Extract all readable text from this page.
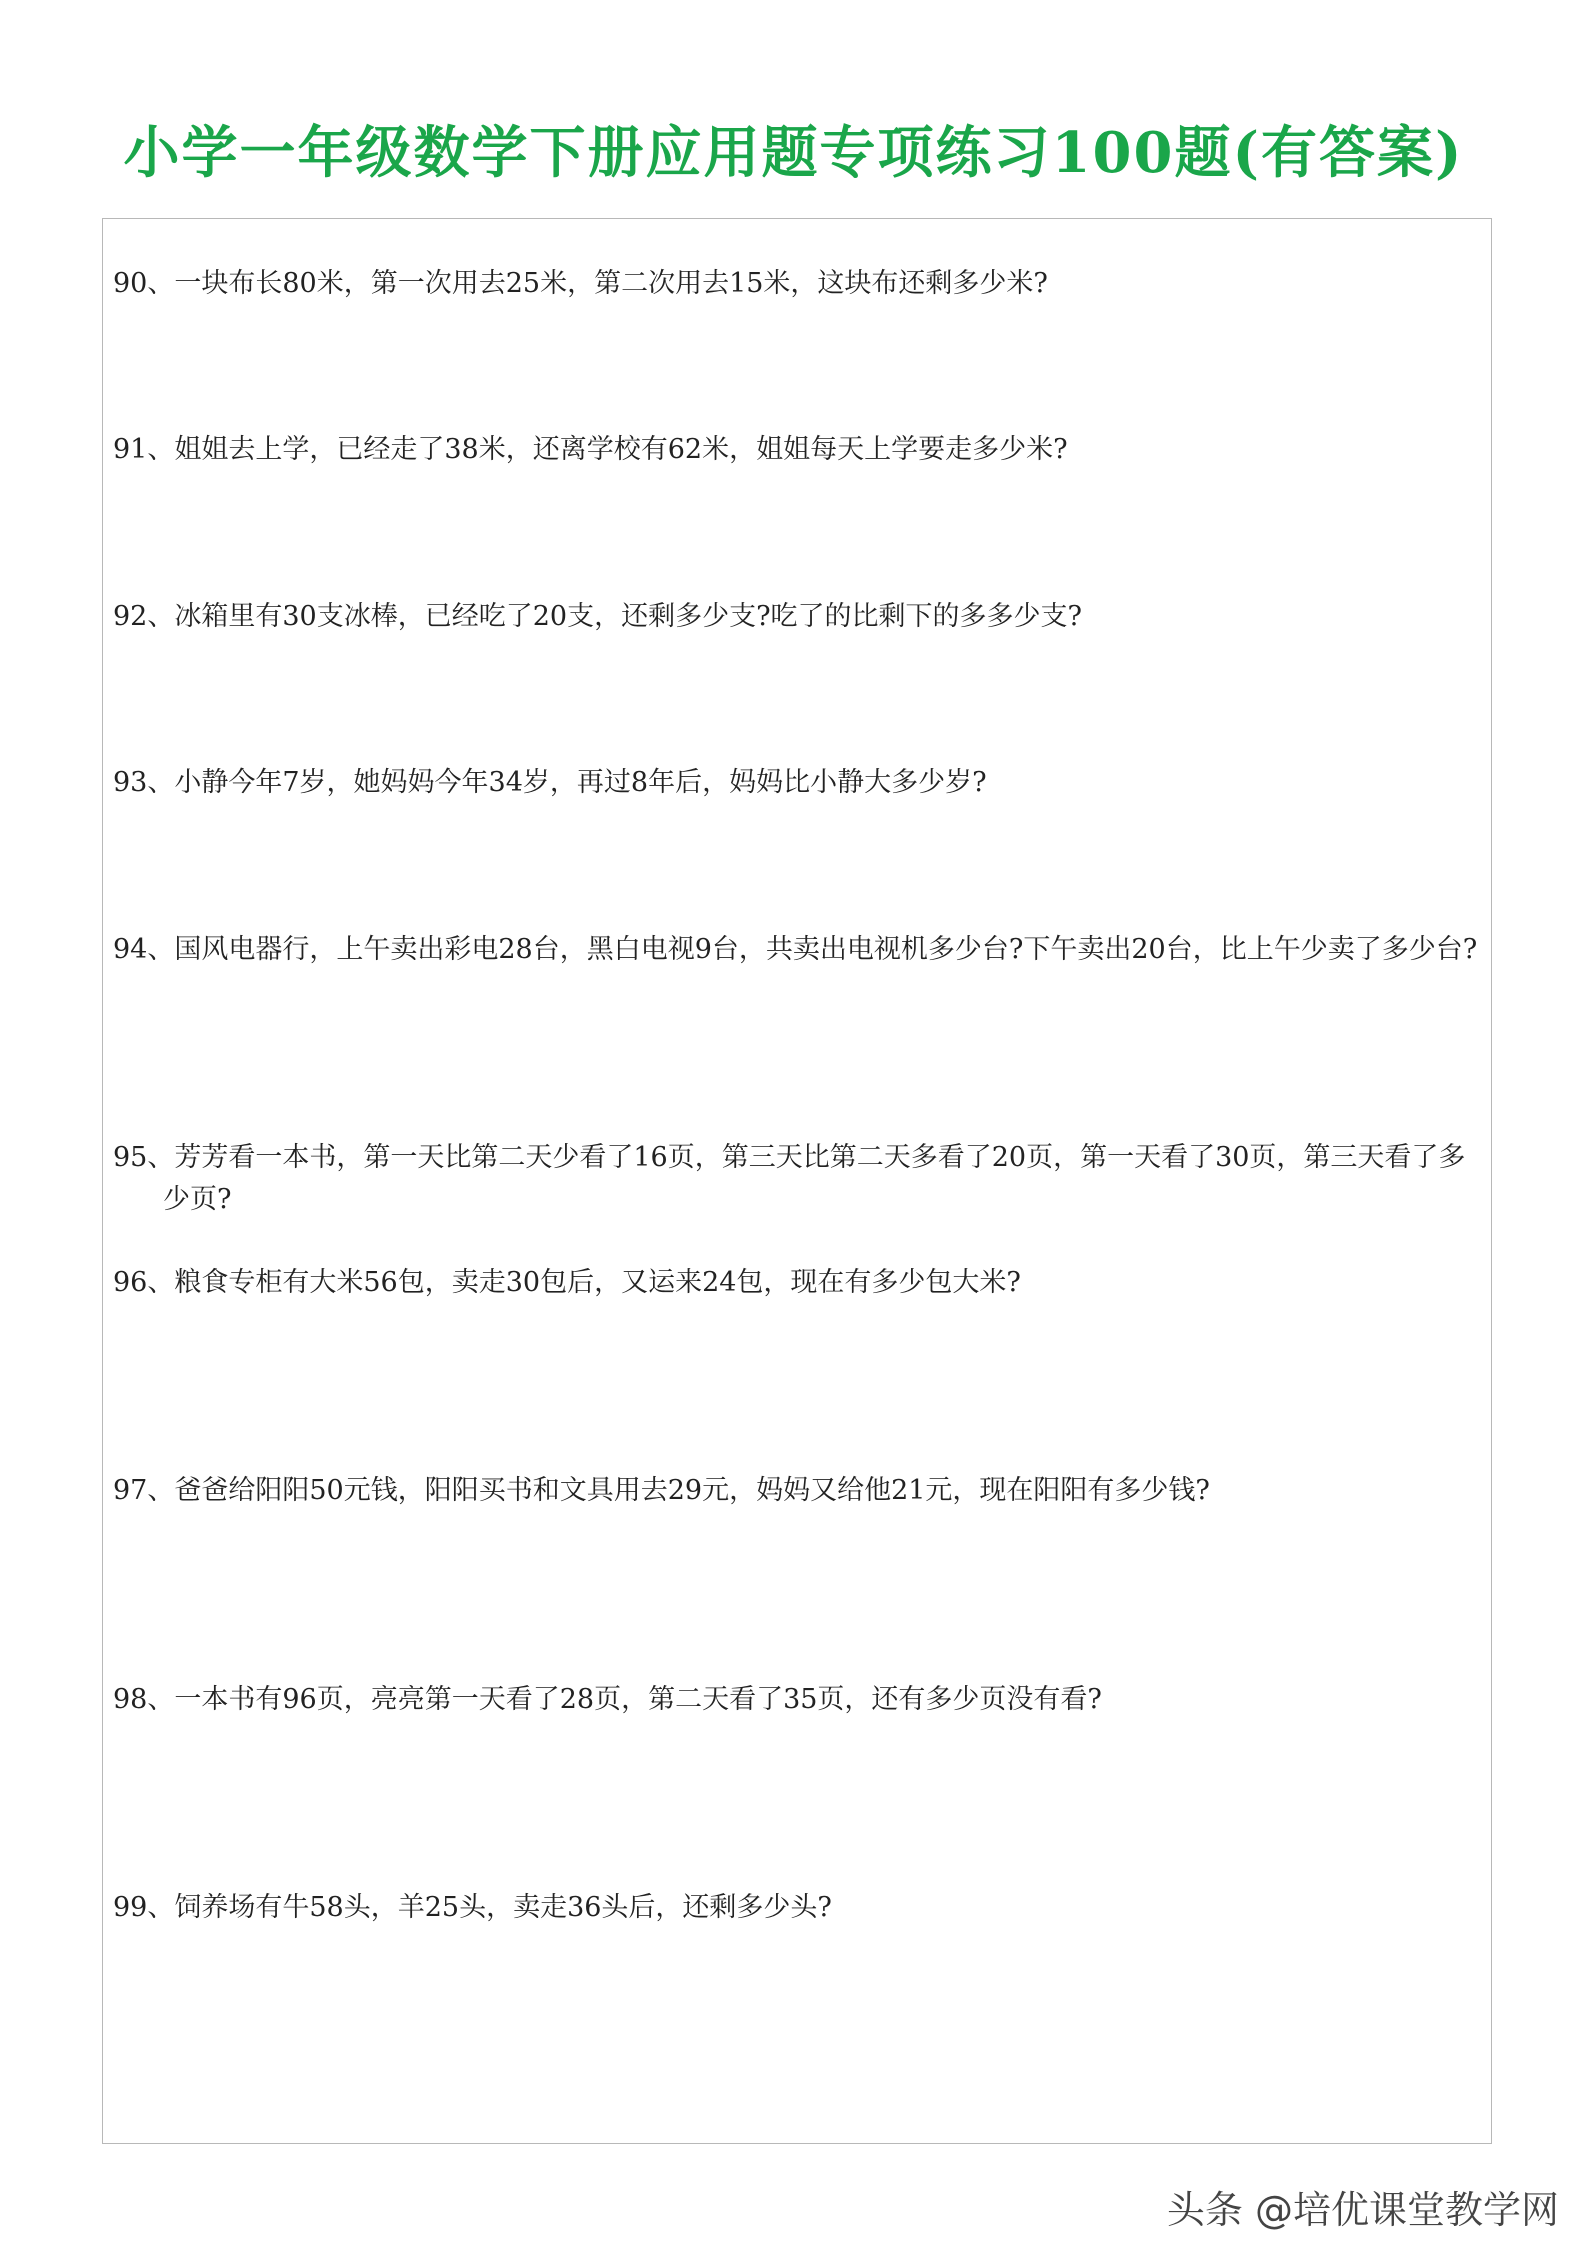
小学一年级数学下册应用题专项练习100题(有答案)
90、一块布长80米，第一次用去25米，第二次用去15米，这块布还剩多少米?
91、姐姐去上学，已经走了38米，还离学校有62米，姐姐每天上学要走多少米?
92、冰箱里有30支冰棒，已经吃了20支，还剩多少支?吃了的比剩下的多多少支?
93、小静今年7岁，她妈妈今年34岁，再过8年后，妈妈比小静大多少岁?
94、国风电器行，上午卖出彩电28台，黑白电视9台，共卖出电视机多少台?下午卖出20台，比上午少卖了多少台?
95、芳芳看一本书，第一天比第二天少看了16页，第三天比第二天多看了20页，第一天看了30页，第三天看了多少页?
96、粮食专柜有大米56包，卖走30包后，又运来24包，现在有多少包大米?
97、爸爸给阳阳50元钱，阳阳买书和文具用去29元，妈妈又给他21元，现在阳阳有多少钱?
98、一本书有96页，亮亮第一天看了28页，第二天看了35页，还有多少页没有看?
99、饲养场有牛58头，羊25头，卖走36头后，还剩多少头?
头条 @培优课堂教学网
